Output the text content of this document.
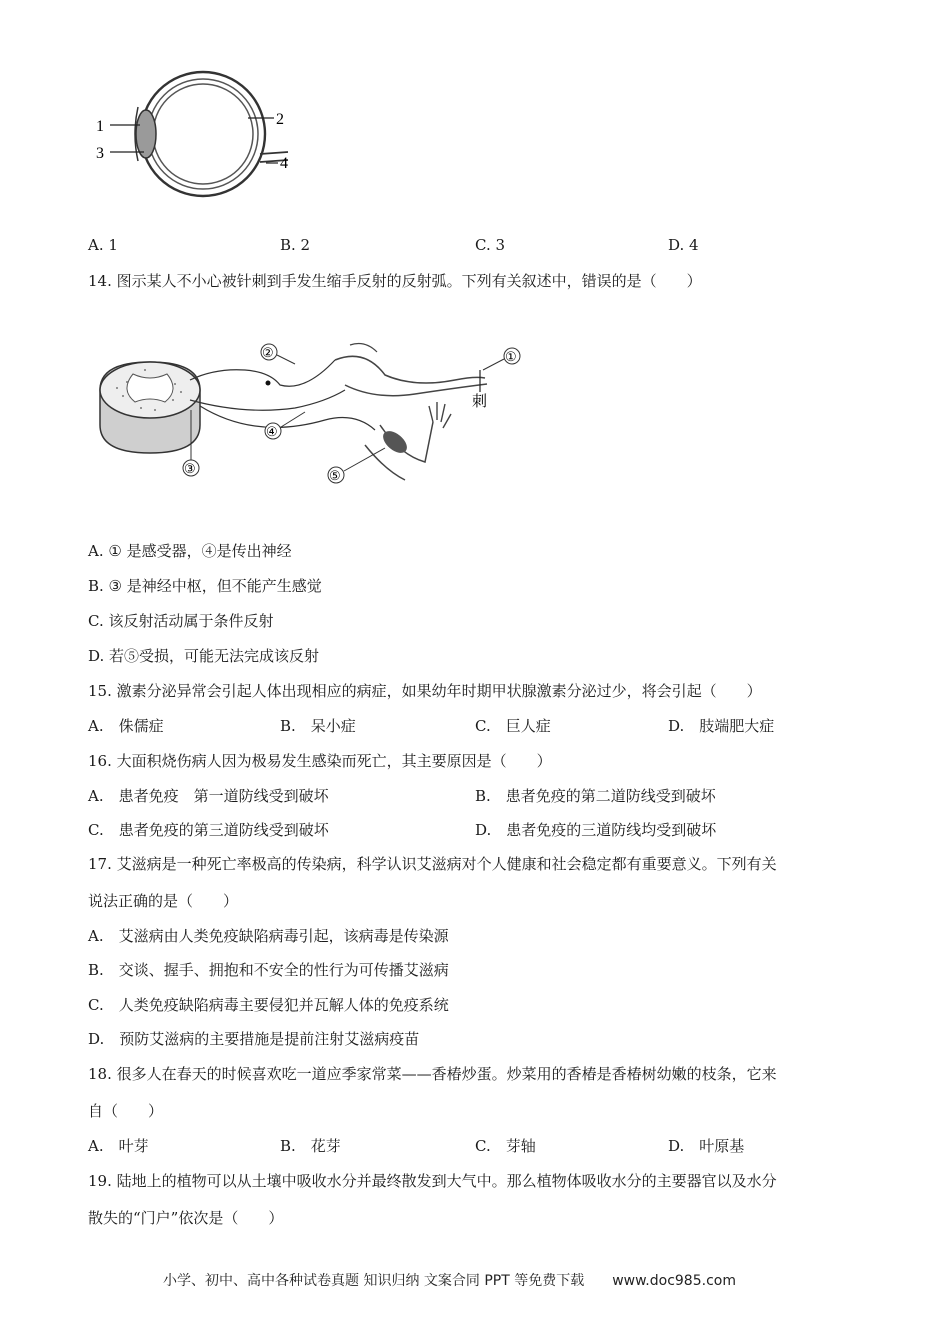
1
3
2
4
A. 1	B. 2	C. 3	D. 4
14. 图示某人不小心被针刺到手发生缩手反射的反射弧。下列有关叙述中，错误的是（　　）
②	①
刺
④
③	⑤
A. ① 是感受器，④是传出神经
B. ③ 是神经中枢，但不能产生感觉
C. 该反射活动属于条件反射
D. 若⑤受损，可能无法完成该反射
15. 激素分泌异常会引起人体出现相应的病症，如果幼年时期甲状腺激素分泌过少，将会引起（　　）
A.　侏儒症	B.　呆小症	C.　巨人症	D.　肢端肥大症
16. 大面积烧伤病人因为极易发生感染而死亡，其主要原因是（　　）
A.　患者免疫　第一道防线受到破坏	B.　患者免疫的第二道防线受到破坏
C.　患者免疫的第三道防线受到破坏	D.　患者免疫的三道防线均受到破坏
17. 艾滋病是一种死亡率极高的传染病，科学认识艾滋病对个人健康和社会稳定都有重要意义。下列有关
说法正确的是（　　）
A.　艾滋病由人类免疫缺陷病毒引起，该病毒是传染源
B.　交谈、握手、拥抱和不安全的性行为可传播艾滋病
C.　人类免疫缺陷病毒主要侵犯并瓦解人体的免疫系统
D.　预防艾滋病的主要措施是提前注射艾滋病疫苗
18. 很多人在春天的时候喜欢吃一道应季家常菜——香椿炒蛋。炒菜用的香椿是香椿树幼嫩的枝条，它来
自（　　）
A.　叶芽	B.　花芽	C.　芽轴	D.　叶原基
19. 陆地上的植物可以从土壤中吸收水分并最终散发到大气中。那么植物体吸收水分的主要器官以及水分
散失的“门户”依次是（　　）
小学、初中、高中各种试卷真题 知识归纳 文案合同 PPT 等免费下载　　www.doc985.com
